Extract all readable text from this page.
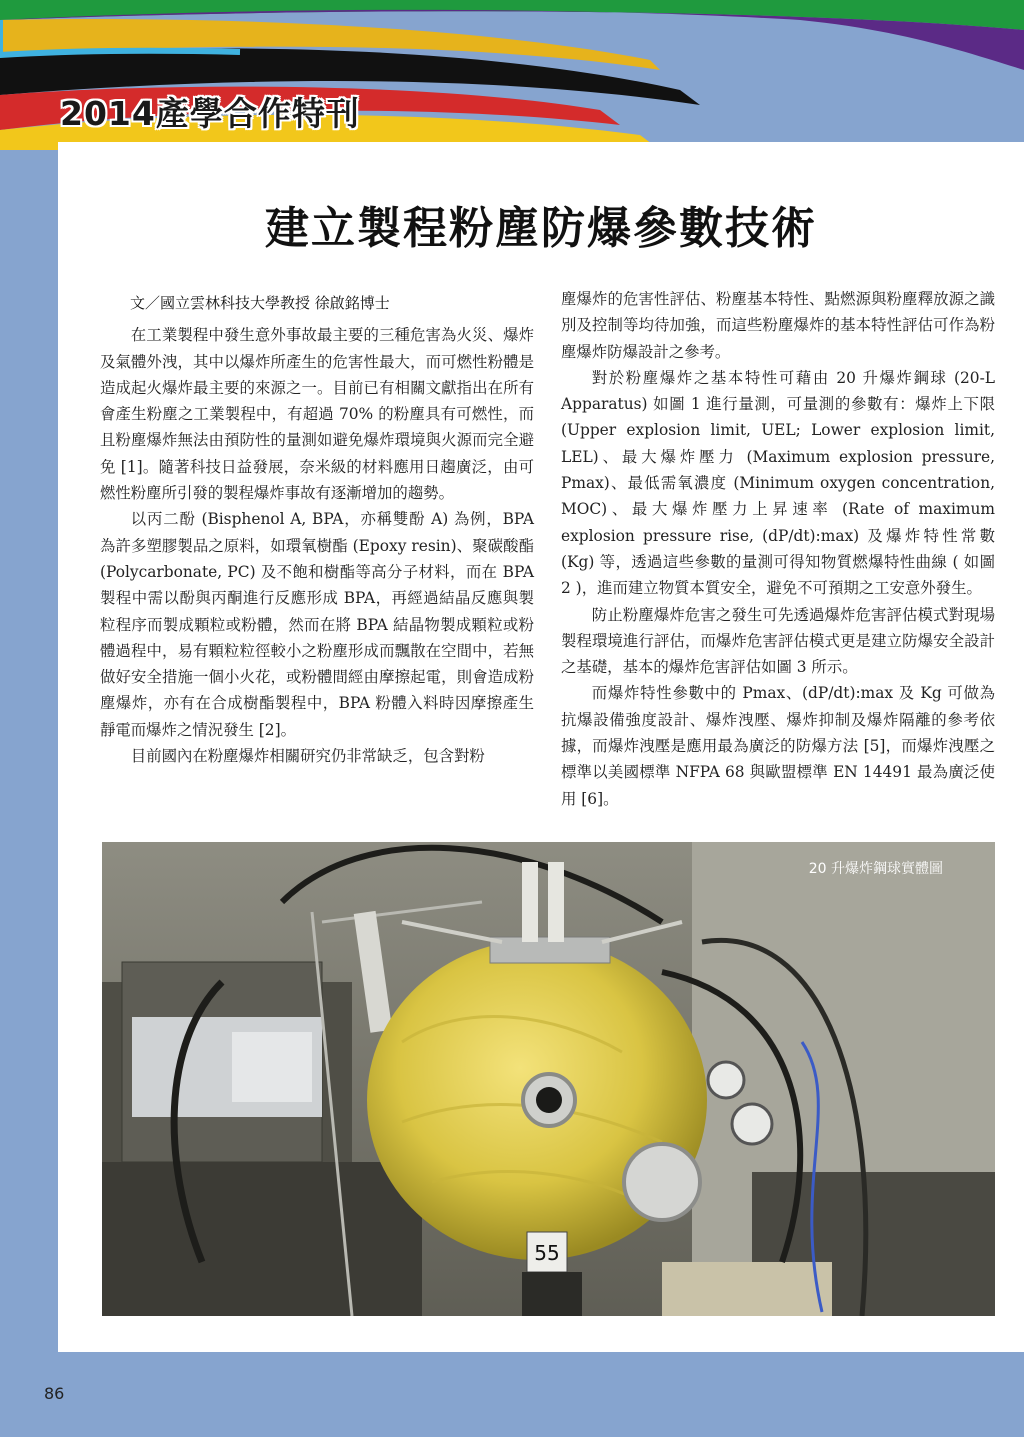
2014產學合作特刊
建立製程粉塵防爆參數技術
文／國立雲林科技大學教授 徐啟銘博士

在工業製程中發生意外事故最主要的三種危害為火災、爆炸及氣體外洩，其中以爆炸所產生的危害性最大，而可燃性粉體是造成起火爆炸最主要的來源之一。目前已有相關文獻指出在所有會產生粉塵之工業製程中，有超過 70% 的粉塵具有可燃性，而且粉塵爆炸無法由預防性的量測如避免爆炸環境與火源而完全避免 [1]。隨著科技日益發展，奈米級的材料應用日趨廣泛，由可燃性粉塵所引發的製程爆炸事故有逐漸增加的趨勢。

以丙二酚 (Bisphenol A, BPA，亦稱雙酚 A) 為例，BPA 為許多塑膠製品之原料，如環氧樹酯 (Epoxy resin)、聚碳酸酯 (Polycarbonate, PC) 及不飽和樹酯等高分子材料，而在 BPA 製程中需以酚與丙酮進行反應形成 BPA，再經過結晶反應與製粒程序而製成顆粒或粉體，然而在將 BPA 結晶物製成顆粒或粉體過程中，易有顆粒粒徑較小之粉塵形成而飄散在空間中，若無做好安全措施一個小火花，或粉體間經由摩擦起電，則會造成粉塵爆炸，亦有在合成樹酯製程中，BPA 粉體入料時因摩擦產生靜電而爆炸之情況發生 [2]。

目前國內在粉塵爆炸相關研究仍非常缺乏，包含對粉

塵爆炸的危害性評估、粉塵基本特性、點燃源與粉塵釋放源之識別及控制等均待加強，而這些粉塵爆炸的基本特性評估可作為粉塵爆炸防爆設計之參考。

對於粉塵爆炸之基本特性可藉由 20 升爆炸鋼球 (20-L Apparatus) 如圖 1 進行量測，可量測的參數有：爆炸上下限 (Upper explosion limit, UEL; Lower explosion limit, LEL)、最大爆炸壓力 (Maximum explosion pressure, Pmax)、最低需氧濃度 (Minimum oxygen concentration, MOC)、最大爆炸壓力上昇速率 (Rate of maximum explosion pressure rise, (dP/dt):max) 及爆炸特性常數 (Kg) 等，透過這些參數的量測可得知物質燃爆特性曲線 ( 如圖 2 )，進而建立物質本質安全，避免不可預期之工安意外發生。

防止粉塵爆炸危害之發生可先透過爆炸危害評估模式對現場製程環境進行評估，而爆炸危害評估模式更是建立防爆安全設計之基礎，基本的爆炸危害評估如圖 3 所示。

而爆炸特性參數中的 Pmax、(dP/dt):max 及 Kg 可做為抗爆設備強度設計、爆炸洩壓、爆炸抑制及爆炸隔離的參考依據，而爆炸洩壓是應用最為廣泛的防爆方法 [5]，而爆炸洩壓之標準以美國標準 NFPA 68 與歐盟標準 EN 14491 最為廣泛使用 [6]。

55
20 升爆炸鋼球實體圖
86
